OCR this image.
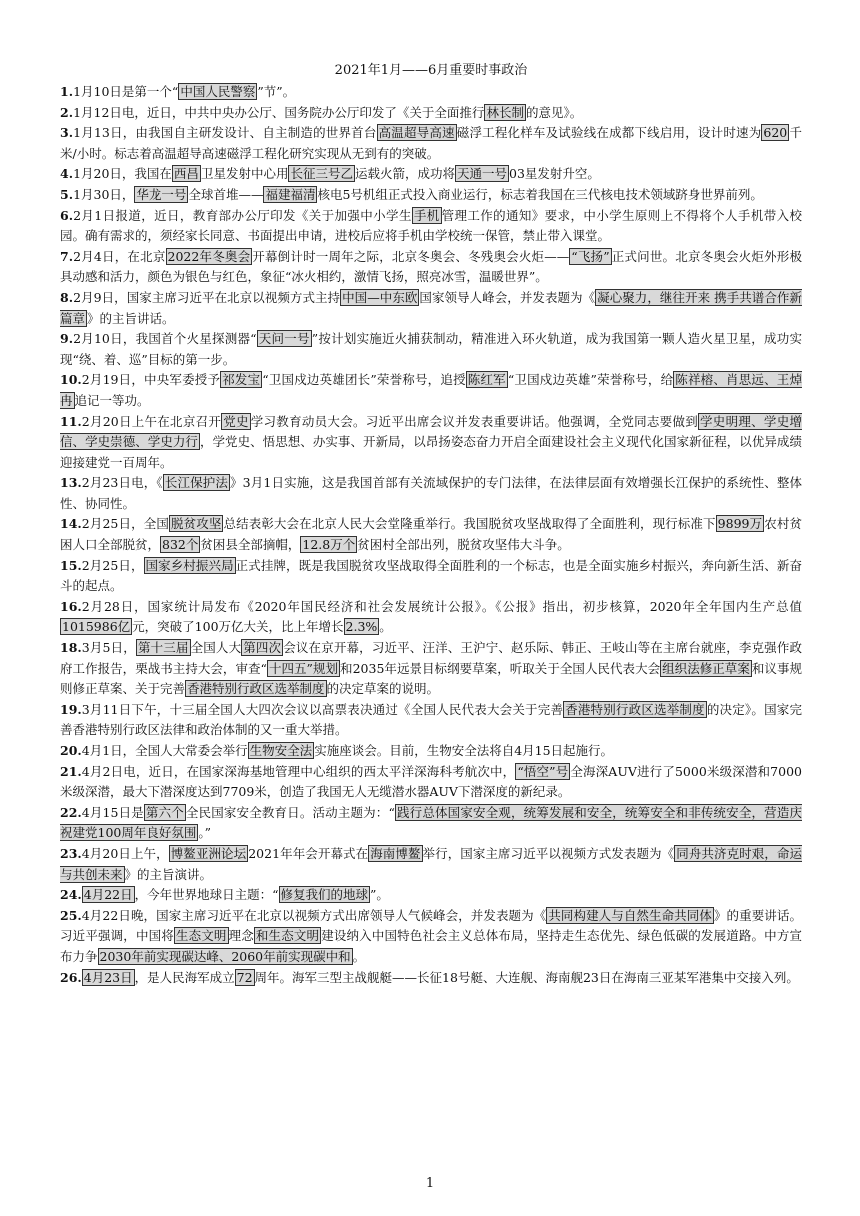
2021年1月——6月重要时事政治

1.1月10日是第一个“ 中国人民警察 ”节”。

2.1月12日电，近日，中共中央办公厅、国务院办公厅印发了《关于全面推行 林长制 的意见》。

3.1月13日，由我国自主研发设计、自主制造的世界首台 高温超导高速 磁浮工程化样车及试验线在成都下线启用，设计时速为 620 千米/小时。标志着高温超导高速磁浮工程化研究实现从无到有的突破。

4.1月20日，我国在 西昌 卫星发射中心用 长征三号乙 运载火箭，成功将 天通一号 03星发射升空。

5.1月30日， 华龙一号 全球首堆—— 福建福清 核电5号机组正式投入商业运行，标志着我国在三代核电技术领域跻身世界前列。

6.2月1日报道，近日，教育部办公厅印发《关于加强中小学生 手机 管理工作的通知》要求，中小学生原则上不得将个人手机带入校园。确有需求的，须经家长同意、书面提出申请，进校后应将手机由学校统一保管，禁止带入课堂。

7.2月4日，在北京 2022年冬奥会 开幕倒计时一周年之际，北京冬奥会、冬残奥会火炬—— “飞扬” 正式问世。北京冬奥会火炬外形极具动感和活力，颜色为银色与红色，象征“冰火相约，激情飞扬，照亮冰雪，温暖世界”。

8.2月9日，国家主席习近平在北京以视频方式主持 中国—中东欧 国家领导人峰会，并发表题为《 凝心聚力，继往开来 携手共谱合作新篇章 》的主旨讲话。

9.2月10日，我国首个火星探测器“ 天问一号 ”按计划实施近火捕获制动，精准进入环火轨道，成为我国第一颗人造火星卫星，成功实现“绕、着、巡”目标的第一步。

10.2月19日，中央军委授予 祁发宝 “卫国戍边英雄团长”荣誉称号，追授 陈红军 “卫国戍边英雄”荣誉称号，给 陈祥榕、肖思远、王焯冉 追记一等功。

11.2月20日上午在北京召开 党史 学习教育动员大会。习近平出席会议并发表重要讲话。他强调，全党同志要做到 学史明理、学史增信、学史崇德、学史力行 ，学党史、悟思想、办实事、开新局，以昂扬姿态奋力开启全面建设社会主义现代化国家新征程，以优异成绩迎接建党一百周年。

13.2月23日电，《 长江保护法 》3月1日实施，这是我国首部有关流域保护的专门法律，在法律层面有效增强长江保护的系统性、整体性、协同性。

14.2月25日，全国 脱贫攻坚 总结表彰大会在北京人民大会堂隆重举行。我国脱贫攻坚战取得了全面胜利，现行标准下 9899万 农村贫困人口全部脱贫， 832个 贫困县全部摘帽， 12.8万个 贫困村全部出列，脱贫攻坚伟大斗争。

15.2月25日， 国家乡村振兴局 正式挂牌，既是我国脱贫攻坚战取得全面胜利的一个标志，也是全面实施乡村振兴，奔向新生活、新奋斗的起点。

16.2月28日，国家统计局发布《2020年国民经济和社会发展统计公报》。《公报》指出，初步核算，2020年全年国内生产总值1015986亿 元，突破了100万亿大关，比上年增长 2.3% 。

18.3月5日， 第十三届 全国人大 第四次 会议在京开幕，习近平、汪洋、王沪宁、赵乐际、韩正、王岐山等在主席台就座，李克强作政府工作报告，栗战书主持大会，审查“ 十四五”规划 和2035年远景目标纲要草案，听取关于全国人民代表大会 组织法修正草案 和议事规则修正草案、关于完善 香港特别行政区选举制度 的决定草案的说明。

19.3月11日下午，十三届全国人大四次会议以高票表决通过《全国人民代表大会关于完善 香港特别行政区选举制度 的决定》。国家完善香港特别行政区法律和政治体制的又一重大举措。

20.4月1日，全国人大常委会举行 生物安全法 实施座谈会。目前，生物安全法将自4月15日起施行。

21.4月2日电，近日，在国家深海基地管理中心组织的西太平洋深海科考航次中， “悟空”号 全海深AUV进行了5000米级深潜和7000米级深潜，最大下潜深度达到7709米，创造了我国无人无缆潜水器AUV下潜深度的新纪录。

22.4月15日是 第六个 全民国家安全教育日。活动主题为：“ 践行总体国家安全观，统筹发展和安全，统筹安全和非传统安全，营造庆祝建党100周年良好氛围 。”

23.4月20日上午， 博鳌亚洲论坛 2021年年会开幕式在 海南博鳌 举行，国家主席习近平以视频方式发表题为《 同舟共济克时艰，命运与共创未来 》的主旨演讲。

24. 4月22日 ，今年世界地球日主题：“ 修复我们的地球 ”。

25.4月22日晚，国家主席习近平在北京以视频方式出席领导人气候峰会，并发表题为《 共同构建人与自然生命共同体 》的重要讲话。习近平强调，中国将 生态文明 理念 和生态文明 建设纳入中国特色社会主义总体布局，坚持走生态优先、绿色低碳的发展道路。中方宣布力争 2030年前实现碳达峰、2060年前实现碳中和 。

26. 4月23日 ，是人民海军成立 72 周年。海军三型主战舰艇——长征18号艇、大连舰、海南舰23日在海南三亚某军港集中交接入列。

1
